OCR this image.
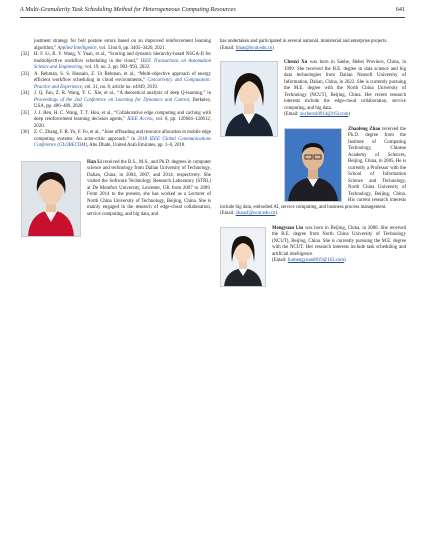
A Multi-Granularity Task Scheduling Method for Heterogeneous Computing Resources	641

justment strategy for bolt posture errors based on an improved reinforcement learning algorithm,” Applied Intelligence, vol. 51no.6, pp. 3405–3420, 2021.

[32] H. F. Li, B. Y. Wang, Y. Yuan, et al., “Scoring and dynamic hierarchy-based NSGA-II for multiobjective workflow scheduling in the cloud,” IEEE Transactions on Automation Science and Engineering, vol. 19, no. 2, pp. 982–993, 2022.

[33] A. Rehman, S. S. Hussain, Z. Ur Rehman, et al., “Multi-objective approach of energy efficient workflow scheduling in cloud environments,” Concurrency and Computation: Practice and Experience, vol. 31, no. 8, article no. e4949, 2019.

[34] J. Q. Fan, Z. R. Wang, Y. C. Xie, et al., “A theoretical analysis of deep Q-learning,” in Proceedings of the 2nd Conference on Learning for Dynamics and Control, Berkeley, USA, pp. 486–489, 2020.

[35] J. J. Ren, H. C. Wang, T. T. Hou, et al., “Collaborative edge computing and caching with deep reinforcement learning decision agents,” IEEE Access, vol. 8, pp. 120604–120612, 2020.

[36] Z. C. Zhang, F. R. Yu, F. Fu, et al., “Joint offloading and resource allocation in mobile edge computing systems: An actor-critic approach,” in 2018 IEEE Global Communications Conference (GLOBECOM), Abu Dhabi, United Arab Emirates, pp. 1–6, 2018.

Han Li received the B.S., M.S., and Ph.D. degrees in computer science and technology from Dalian University of Technology, Dalian, China, in 2004, 2007, and 2014, respectively. She visited the Software Technology Research Laboratory (STRL) at De Montfort University, Leicester, UK from 2007 to 2009. From 2014 to the present, she has worked as a Lecturer of North China University of Technology, Beijing, China. She is mainly engaged in the research of edge-cloud collaboration, service computing, and big data, and
has undertaken and participated in several national, ministerial and enterprise projects.
(Email: lihan@ncut.edu.cn)
Chenxi Xu was born in Sanhe, Hebei Province, China, in 1999. She received the B.E. degree in data science and big data technologies from Dalian Neusoft University of Information, Dalian, China, in 2022. She is currently pursuing the M.E. degree with the North China University of Technology (NCUT), Beijing, China. Her recent research interests include the edge-cloud collaboration, service computing, and big data.
(Email: xuchenxi0914@163.com)
Zhaofeng Zhao received the Ph.D. degree from the Institute of Computing Technology, Chinese Academy of Sciences, Beijing, China, in 2005. He is currently a Professor with the School of Information Science and Technology, North China University of Technology, Beijing, China. His current research interests include big data, embodied AI, service computing, and business process management.
(Email: zhaozf@ncut.edu.cn)
Mengyuan Liu was born in Beijing, China, in 2000. She received the B.E. degree from North China University of Technology (NCUT), Beijing, China. She is currently pursuing the M.E. degree with the NCUT. Her research interests include task scheduling and artificial intelligence.
(Email: liumengyuan0819@163.com)
